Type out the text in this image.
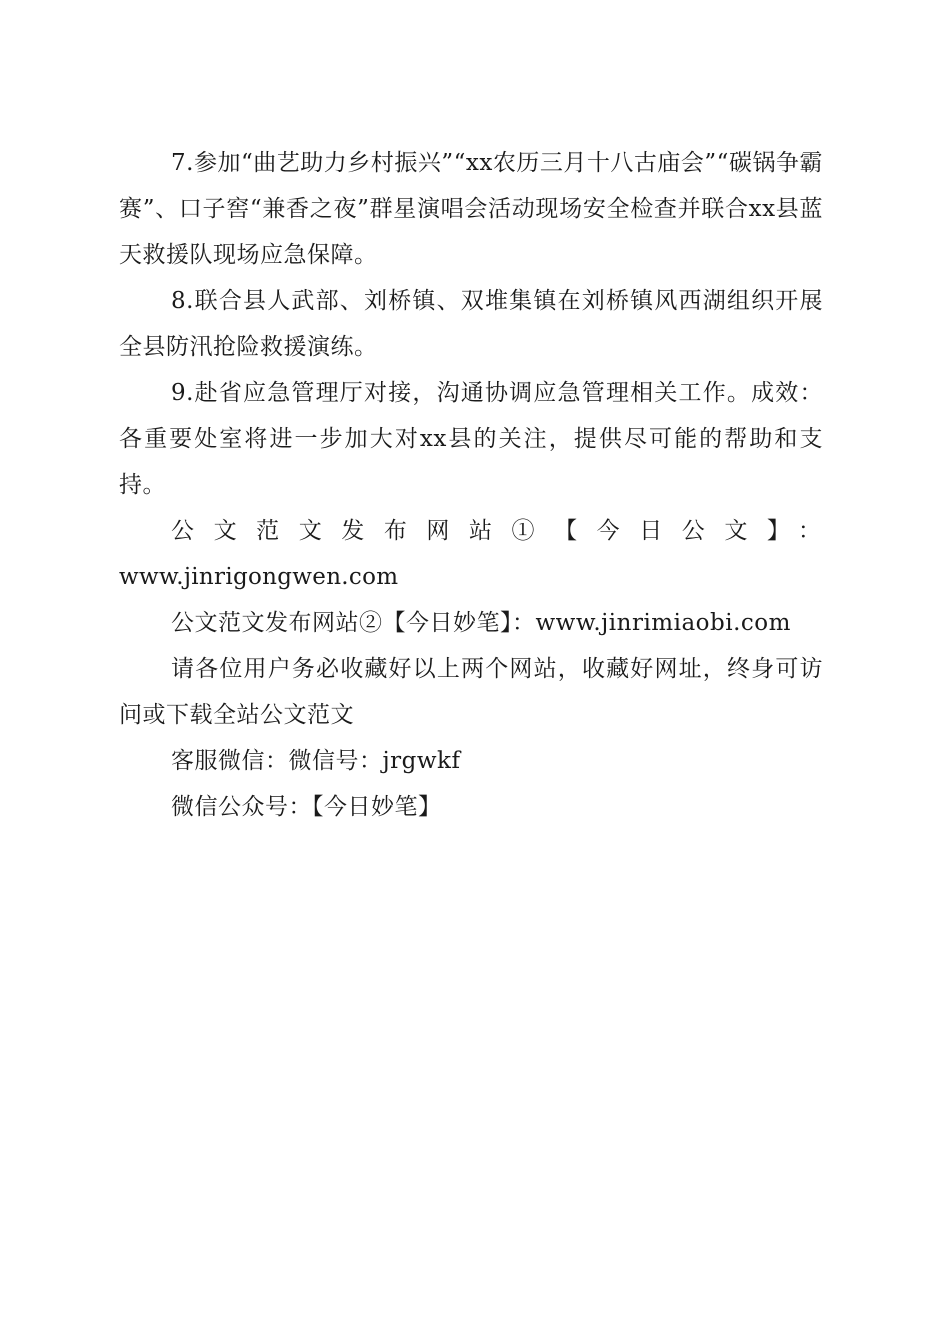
7.参加“曲艺助力乡村振兴”“xx农历三月十八古庙会”“碳锅争霸赛”、口子窖“兼香之夜”群星演唱会活动现场安全检查并联合xx县蓝天救援队现场应急保障。

8.联合县人武部、刘桥镇、双堆集镇在刘桥镇风西湖组织开展全县防汛抢险救援演练。

9.赴省应急管理厅对接，沟通协调应急管理相关工作。成效：各重要处室将进一步加大对xx县的关注，提供尽可能的帮助和支持。

公文范文发布网站①【今日公文】：

www.jinrigongwen.com

公文范文发布网站②【今日妙笔】：www.jinrimiaobi.com

请各位用户务必收藏好以上两个网站，收藏好网址，终身可访问或下载全站公文范文

客服微信：微信号：jrgwkf

微信公众号：【今日妙笔】
